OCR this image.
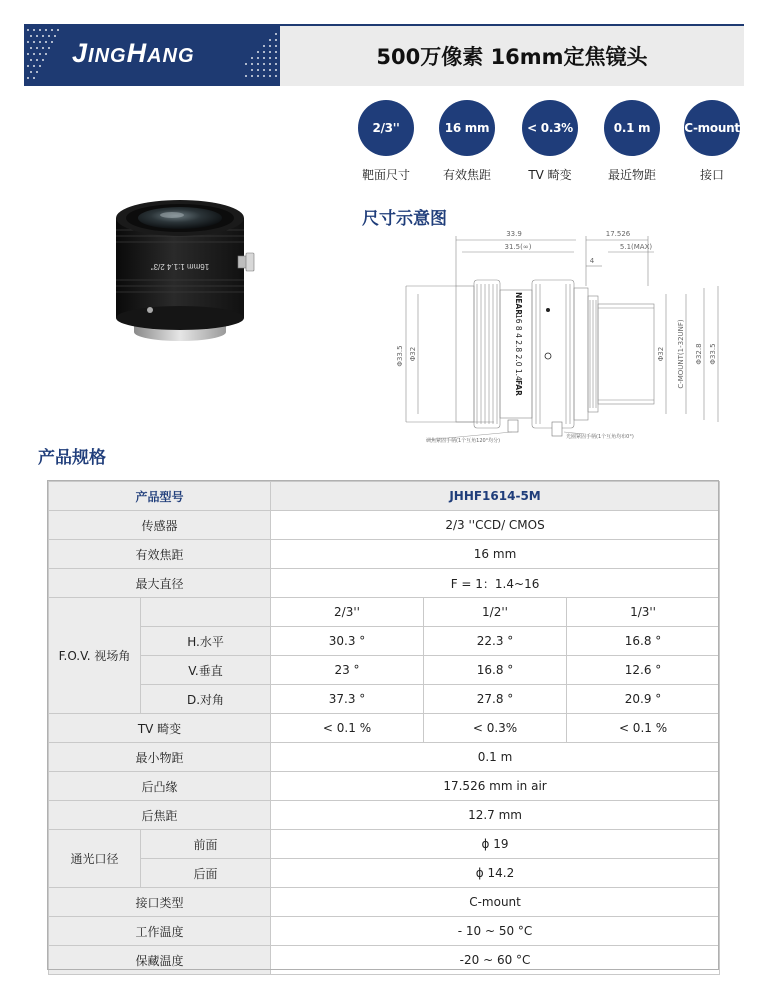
JINGHANG	500万像素 16mm定焦镜头
2/3''
靶面尺寸
16 mm
有效焦距
< 0.3%
TV 畸变
0.1 m
最近物距
C-mount
接口
16mm 1:1.4 2/3"
尺寸示意图
33.9
31.5(∞)
17.526
5.1(MAX)
4
Φ33.5 Φ32	Φ32 C-MOUNT(1-32UNF) Φ32.8 Φ33.5
NEAR
16 8 4 2.8 2.0 1.4
FAR
调焦紧固手柄(1个互角120°均分)
光圈紧固手柄(1个互角均布0°)
产品规格
产品型号		JHHF1614-5M		
传感器		2/3 ''CCD/ CMOS		
有效焦距		16 mm		
最大直径		F = 1：1.4~16		
F.O.V. 视场角		2/3''	1/2''	1/3''
	H.水平	30.3 °	22.3 °	16.8 °
	V.垂直	23 °	16.8 °	12.6 °
	D.对角	37.3 °	27.8 °	20.9 °
TV 畸变		< 0.1 %	< 0.3%	< 0.1 %
最小物距		0.1 m		
后凸缘		17.526 mm in air		
后焦距		12.7 mm		
通光口径	前面	ϕ 19		
	后面	ϕ 14.2		
接口类型		C-mount		
工作温度		- 10 ~ 50 °C		
保藏温度		-20 ~ 60 °C		
